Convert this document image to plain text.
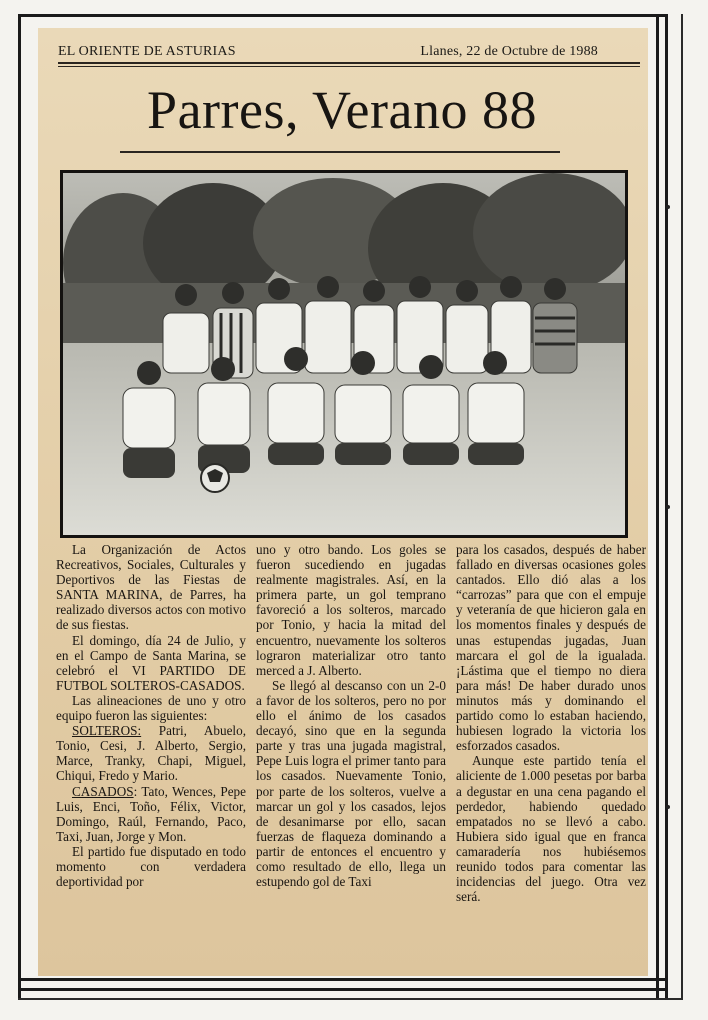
EL ORIENTE DE ASTURIAS	Llanes, 22 de Octubre de 1988
Parres, Verano 88

La Organización de Actos Recreativos, Sociales, Culturales y Deportivos de las Fiestas de SANTA MARINA, de Parres, ha realizado diversos actos con motivo de sus fiestas.

El domingo, día 24 de Julio, y en el Campo de Santa Marina, se celebró el VI PARTIDO DE FUTBOL SOLTEROS-CASADOS.

Las alineaciones de uno y otro equipo fueron las siguientes:

SOLTEROS: Patri, Abuelo, Tonio, Cesi, J. Alberto, Sergio, Marce, Tranky, Chapi, Miguel, Chiqui, Fredo y Mario.

CASADOS: Tato, Wences, Pepe Luis, Enci, Toño, Félix, Victor, Domingo, Raúl, Fernando, Paco, Taxi, Juan, Jorge y Mon.

El partido fue disputado en todo momento con verdadera deportividad por

uno y otro bando. Los goles se fueron sucediendo en jugadas realmente magistrales. Así, en la primera parte, un gol temprano favoreció a los solteros, marcado por Tonio, y hacia la mitad del encuentro, nuevamente los solteros lograron materializar otro tanto merced a J. Alberto.

Se llegó al descanso con un 2-0 a favor de los solteros, pero no por ello el ánimo de los casados decayó, sino que en la segunda parte y tras una jugada magistral, Pepe Luis logra el primer tanto para los casados. Nuevamente Tonio, por parte de los solteros, vuelve a marcar un gol y los casados, lejos de desanimarse por ello, sacan fuerzas de flaqueza dominando a partir de entonces el encuentro y como resultado de ello, llega un estupendo gol de Taxi

para los casados, después de haber fallado en diversas ocasiones goles cantados. Ello dió alas a los “carrozas” para que con el empuje y veteranía de que hicieron gala en los momentos finales y después de unas estupendas jugadas, Juan marcara el gol de la igualada. ¡Lástima que el tiempo no diera para más! De haber durado unos minutos más y dominando el partido como lo estaban haciendo, hubiesen logrado la victoria los esforzados casados.

Aunque este partido tenía el aliciente de 1.000 pesetas por barba a degustar en una cena pagando el perdedor, habiendo quedado empatados no se llevó a cabo. Hubiera sido igual que en franca camaradería nos hubiésemos reunido todos para comentar las incidencias del juego. Otra vez será.
